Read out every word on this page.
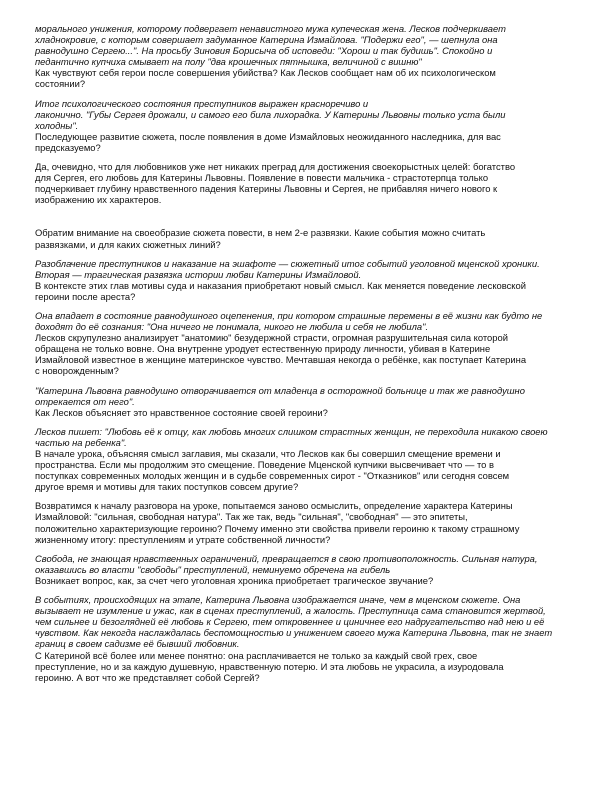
морального унижения, которому подвергает ненавистного мужа купеческая жена. Лесков подчеркивает
хладнокровие, с которым совершает задуманное Катерина Измайлова. "Подержи его", — шепнула она
равнодушно Сергею...". На просьбу Зиновия Борисыча об исповеди: "Хорош и так будишь". Спокойно и
педантично купчиха смывает на полу "два крошечных пятнышка, величиной с вишню"
Как чувствуют себя герои после совершения убийства? Как Лесков сообщает нам об их психологическом
состоянии?
Итог психологического состояния преступников выражен красноречиво и
лаконично. "Губы Сергея дрожали, и самого его била лихорадка. У Катерины Львовны только уста были
холодны".
Последующее развитие сюжета, после появления в доме Измайловых неожиданного наследника, для вас
предсказуемо?
Да, очевидно, что для любовников уже нет никаких преград для достижения своекорыстных целей: богатство
для Сергея, его любовь для Катерины Львовны. Появление в повести мальчика - страстотерпца только
подчеркивает глубину нравственного падения Катерины Львовны и Сергея, не прибавляя ничего нового к
изображению их характеров.
Обратим внимание на своеобразие сюжета повести, в нем 2-е развязки. Какие события можно считать
развязками, и для каких сюжетных линий?
Разоблачение преступников и наказание на эшафоте — сюжетный итог событий уголовной мценской хроники.
Вторая — трагическая развязка истории любви Катерины Измайловой.
В контексте этих глав мотивы суда и наказания приобретают новый смысл. Как меняется поведение лесковской
героини после ареста?
Она впадает в состояние равнодушного оцепенения, при котором страшные перемены в её жизни как будто не
доходят до её сознания: "Она ничего не понимала, никого не любила и себя не любила".
Лесков скрупулезно анализирует "анатомию" безудержной страсти, огромная разрушительная сила которой
обращена не только вовне. Она внутренне уродует естественную природу личности, убивая в Катерине
Измайловой известное в женщине материнское чувство. Мечтавшая некогда о ребёнке, как поступает Катерина
с новорожденным?
"Катерина Львовна равнодушно отворачивается от младенца в осторожной больнице и так же равнодушно
отрекается от него".
Как Лесков объясняет это нравственное состояние своей героини?
Лесков пишет: "Любовь её к отцу, как любовь многих слишком страстных женщин, не переходила никакою своею
частью на ребенка".
В начале урока, объясняя смысл заглавия, мы сказали, что Лесков как бы совершил смещение времени и
пространства. Если мы продолжим это смещение. Поведение Мценской купчики высвечивает что — то в
поступках современных молодых женщин и в судьбе современных сирот - "Отказников" или сегодня совсем
другое время и мотивы для таких поступков совсем другие?
Возвратимся к началу разговора на уроке, попытаемся заново осмыслить, определение характера Катерины
Измайловой: "сильная, свободная натура". Так же так, ведь "сильная", "свободная" — это эпитеты,
положительно характеризующие героиню? Почему именно эти свойства привели героиню к такому страшному
жизненному итогу: преступлениям и утрате собственной личности?
Свобода, не знающая нравственных ограничений, превращается в свою противоположность. Сильная натура,
оказавшись во власти "свободы" преступлений, неминуемо обречена на гибель
Возникает вопрос, как, за счет чего уголовная хроника приобретает трагическое звучание?
В событиях, происходящих на этапе, Катерина Львовна изображается иначе, чем в мценском сюжете. Она
вызывает не изумление и ужас, как в сценах преступлений, а жалость. Преступница сама становится жертвой,
чем сильнее и безоглядней её любовь к Сергею, тем откровеннее и циничнее его надругательство над нею и её
чувством. Как некогда наслаждалась беспомощностью и унижением своего мужа Катерина Львовна, так не знает
границ в своем садизме её бывший любовник.
С Катериной всё более или менее понятно: она расплачивается не только за каждый свой грех, свое
преступление, но и за каждую душевную, нравственную потерю. И эта любовь не украсила, а изуродовала
героиню. А вот что же представляет собой Сергей?
